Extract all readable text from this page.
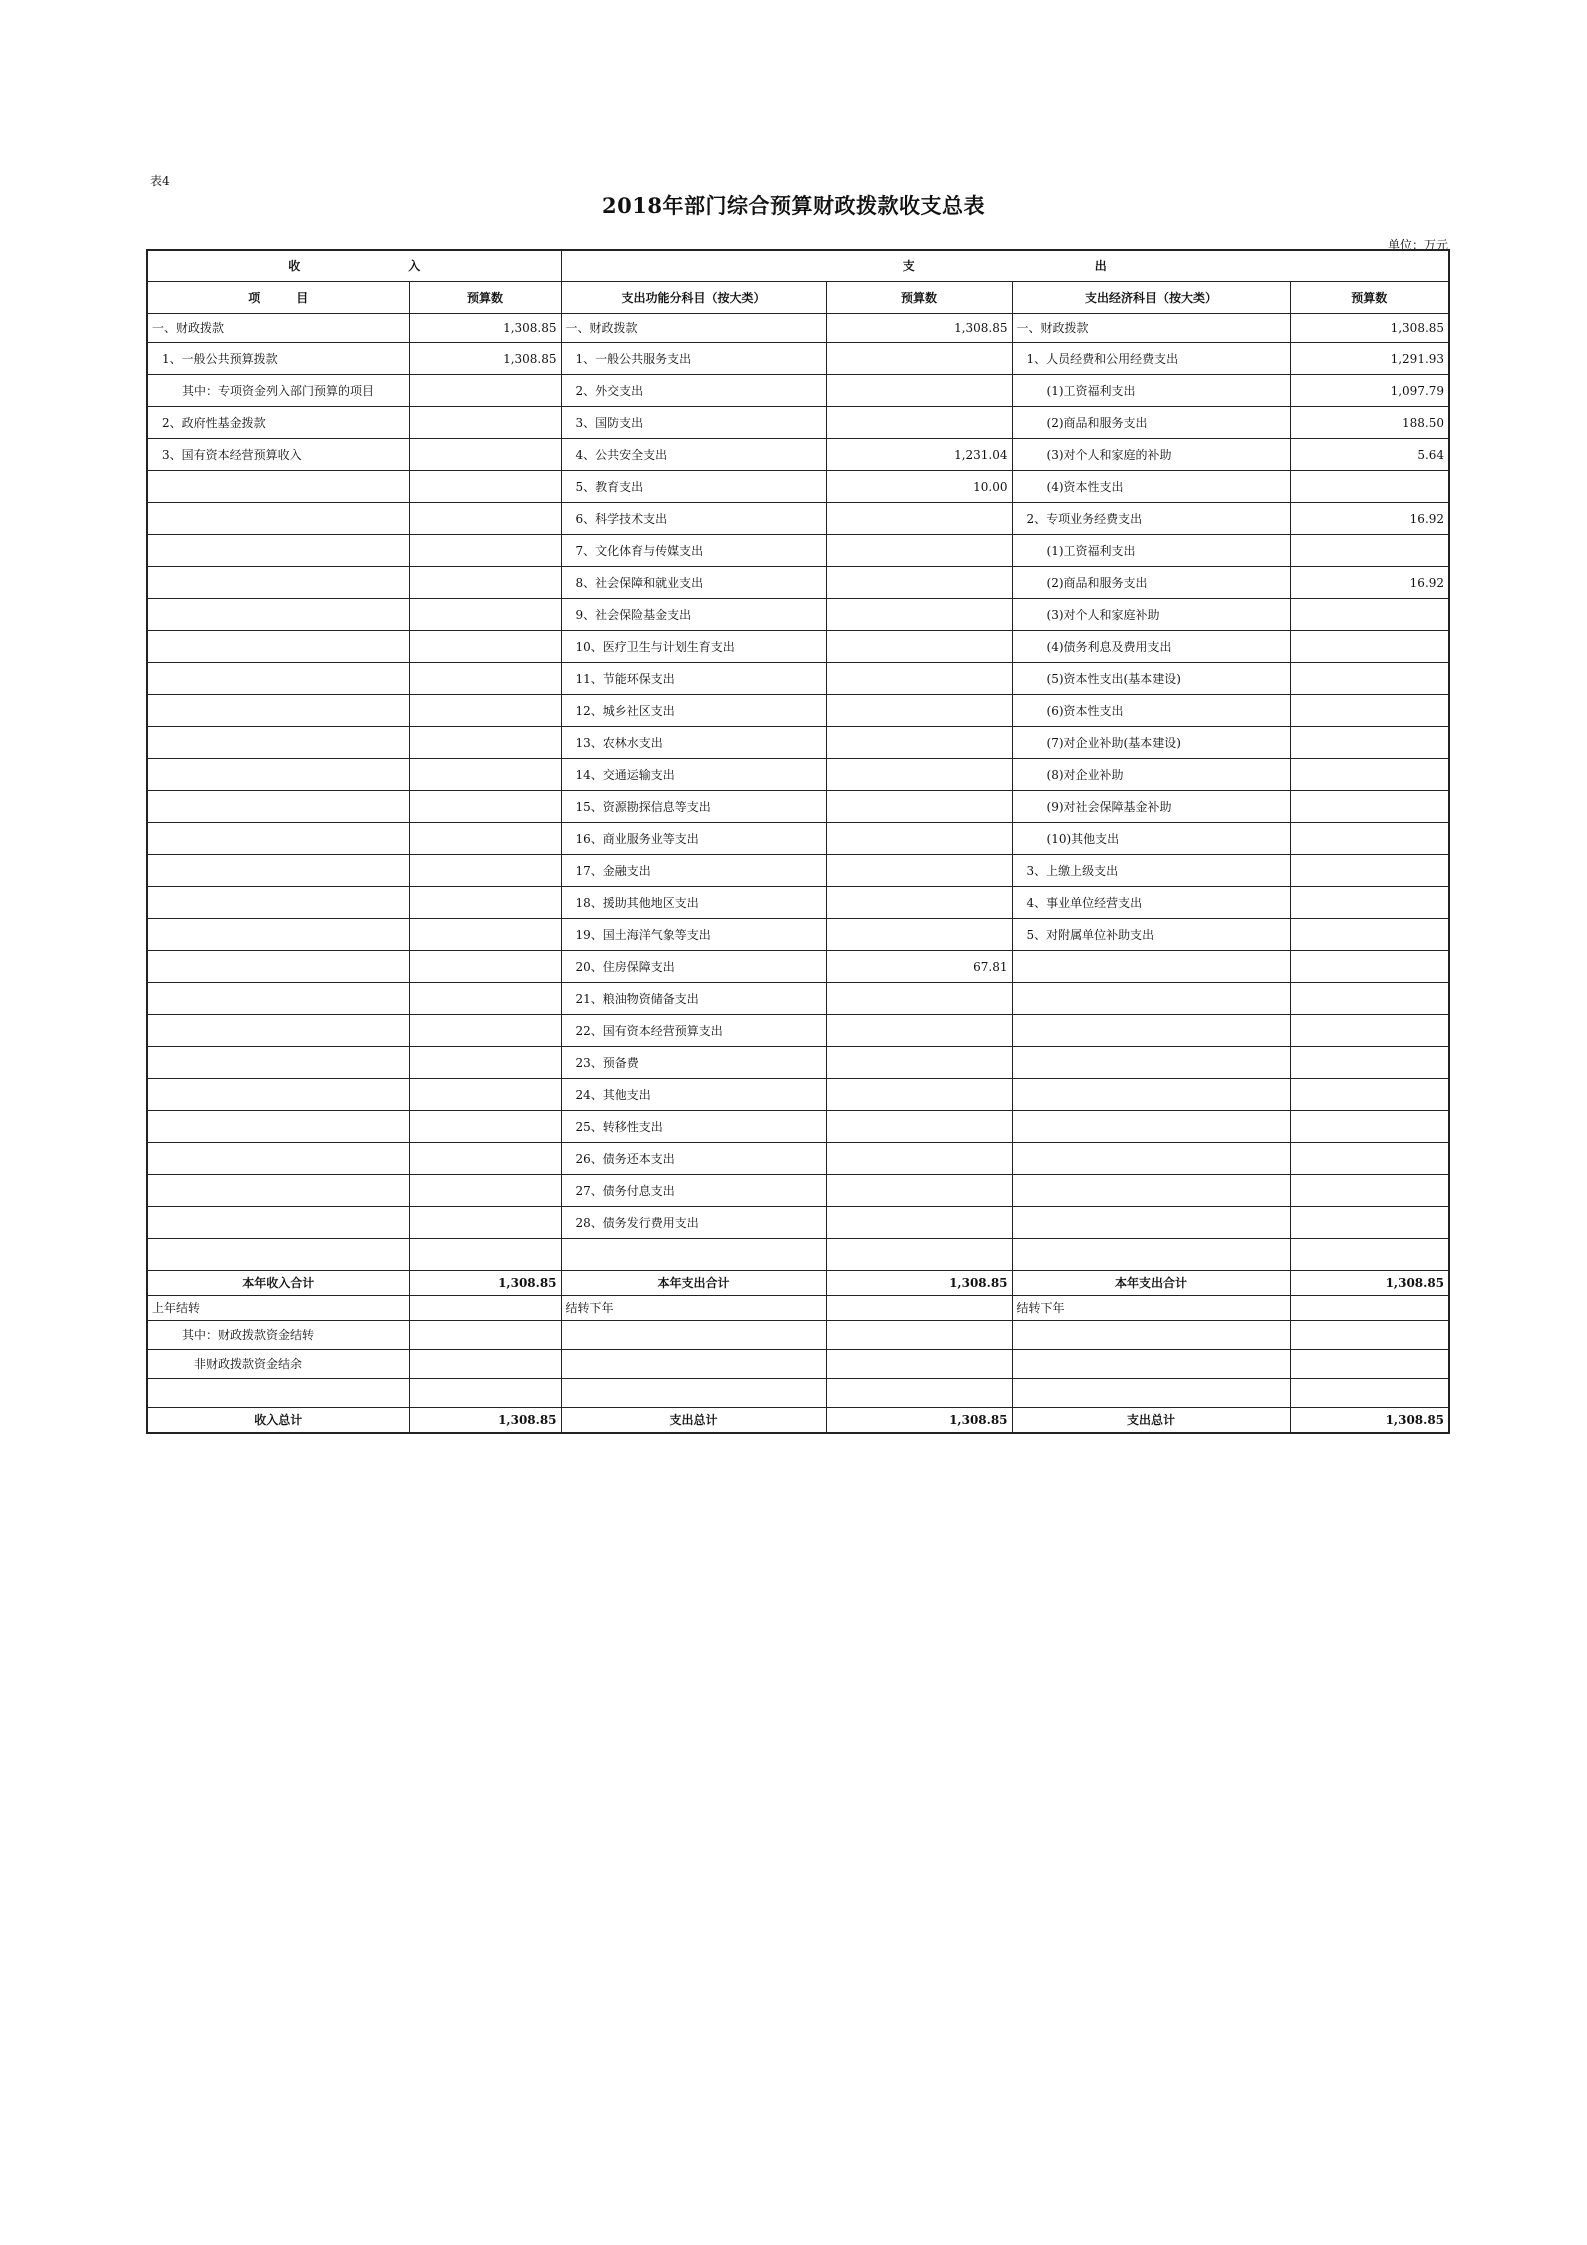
表4
2018年部门综合预算财政拨款收支总表
单位：万元
收　　　　　　　　　入		支　　　　　　　　　　　　　　　出			
项　　　目	预算数	支出功能分科目（按大类）	预算数	支出经济科目（按大类）	预算数
一、财政拨款	1,308.85	一、财政拨款	1,308.85	一、财政拨款	1,308.85
1、一般公共预算拨款	1,308.85	1、一般公共服务支出		1、人员经费和公用经费支出	1,291.93
其中：专项资金列入部门预算的项目		2、外交支出		(1)工资福利支出	1,097.79
2、政府性基金拨款		3、国防支出		(2)商品和服务支出	188.50
3、国有资本经营预算收入		4、公共安全支出	1,231.04	(3)对个人和家庭的补助	5.64
		5、教育支出	10.00	(4)资本性支出	
		6、科学技术支出		2、专项业务经费支出	16.92
		7、文化体育与传媒支出		(1)工资福利支出	
		8、社会保障和就业支出		(2)商品和服务支出	16.92
		9、社会保险基金支出		(3)对个人和家庭补助	
		10、医疗卫生与计划生育支出		(4)债务利息及费用支出	
		11、节能环保支出		(5)资本性支出(基本建设)	
		12、城乡社区支出		(6)资本性支出	
		13、农林水支出		(7)对企业补助(基本建设)	
		14、交通运输支出		(8)对企业补助	
		15、资源勘探信息等支出		(9)对社会保障基金补助	
		16、商业服务业等支出		(10)其他支出	
		17、金融支出		3、上缴上级支出	
		18、援助其他地区支出		4、事业单位经营支出	
		19、国土海洋气象等支出		5、对附属单位补助支出	
		20、住房保障支出	67.81		
		21、粮油物资储备支出			
		22、国有资本经营预算支出			
		23、预备费			
		24、其他支出			
		25、转移性支出			
		26、债务还本支出			
		27、债务付息支出			
		28、债务发行费用支出			

本年收入合计	1,308.85	本年支出合计	1,308.85	本年支出合计	1,308.85
上年结转		结转下年		结转下年	
其中：财政拨款资金结转					
非财政拨款资金结余					

收入总计	1,308.85	支出总计	1,308.85	支出总计	1,308.85
